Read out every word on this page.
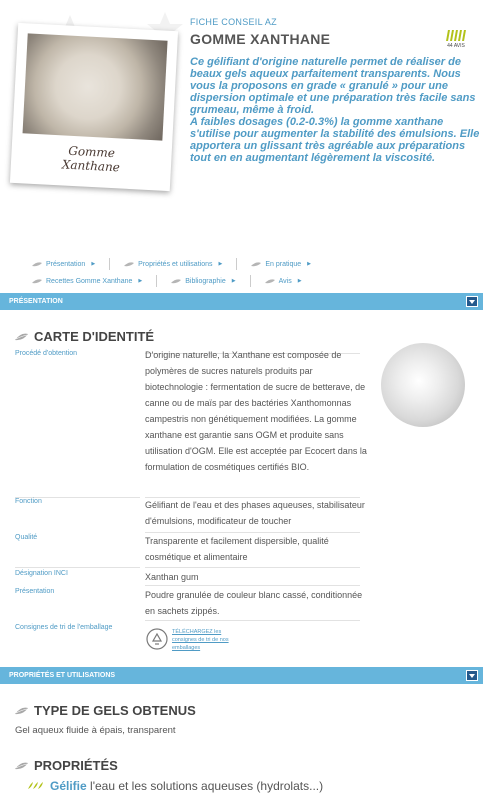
Gomme
Xanthane
FICHE CONSEIL AZ
GOMME XANTHANE	44 AVIS

Ce gélifiant d'origine naturelle permet de réaliser de beaux gels aqueux parfaitement transparents. Nous vous la proposons en grade « granulé » pour une dispersion optimale et une préparation très facile sans grumeau, même à froid.

A faibles dosages (0.2-0.3%) la gomme xanthane s'utilise pour augmenter la stabilité des émulsions. Elle apportera un glissant très agréable aux préparations tout en en augmentant légèrement la viscosité.

Présentation ▶	Propriétés et utilisations ▶	En pratique ▶
Recettes Gomme Xanthane ▶	Bibliographie ▶	Avis ▶
PRÉSENTATION
CARTE D'IDENTITÉ
Procédé d'obtention	D'origine naturelle, la Xanthane est composée de polymères de sucres naturels produits par biotechnologie : fermentation de sucre de betterave, de canne ou de maïs par des bactéries Xanthomonnas campestris non génétiquement modifiées. La gomme xanthane est garantie sans OGM et produite sans utilisation d'OGM. Elle est acceptée par Ecocert dans la formulation de cosmétiques certifiés BIO.
Fonction	Gélifiant de l'eau et des phases aqueuses, stabilisateur d'émulsions, modificateur de toucher
Qualité	Transparente et facilement dispersible, qualité cosmétique et alimentaire
Désignation INCI	Xanthan gum
Présentation	Poudre granulée de couleur blanc cassé, conditionnée en sachets zippés.
Consignes de tri de l'emballage
TÉLÉCHARGEZ les consignes de tri de nos emballages
PROPRIÉTÉS ET UTILISATIONS
TYPE DE GELS OBTENUS
Gel aqueux fluide à épais, transparent
PROPRIÉTÉS
Gélifie l'eau et les solutions aqueuses (hydrolats...)
